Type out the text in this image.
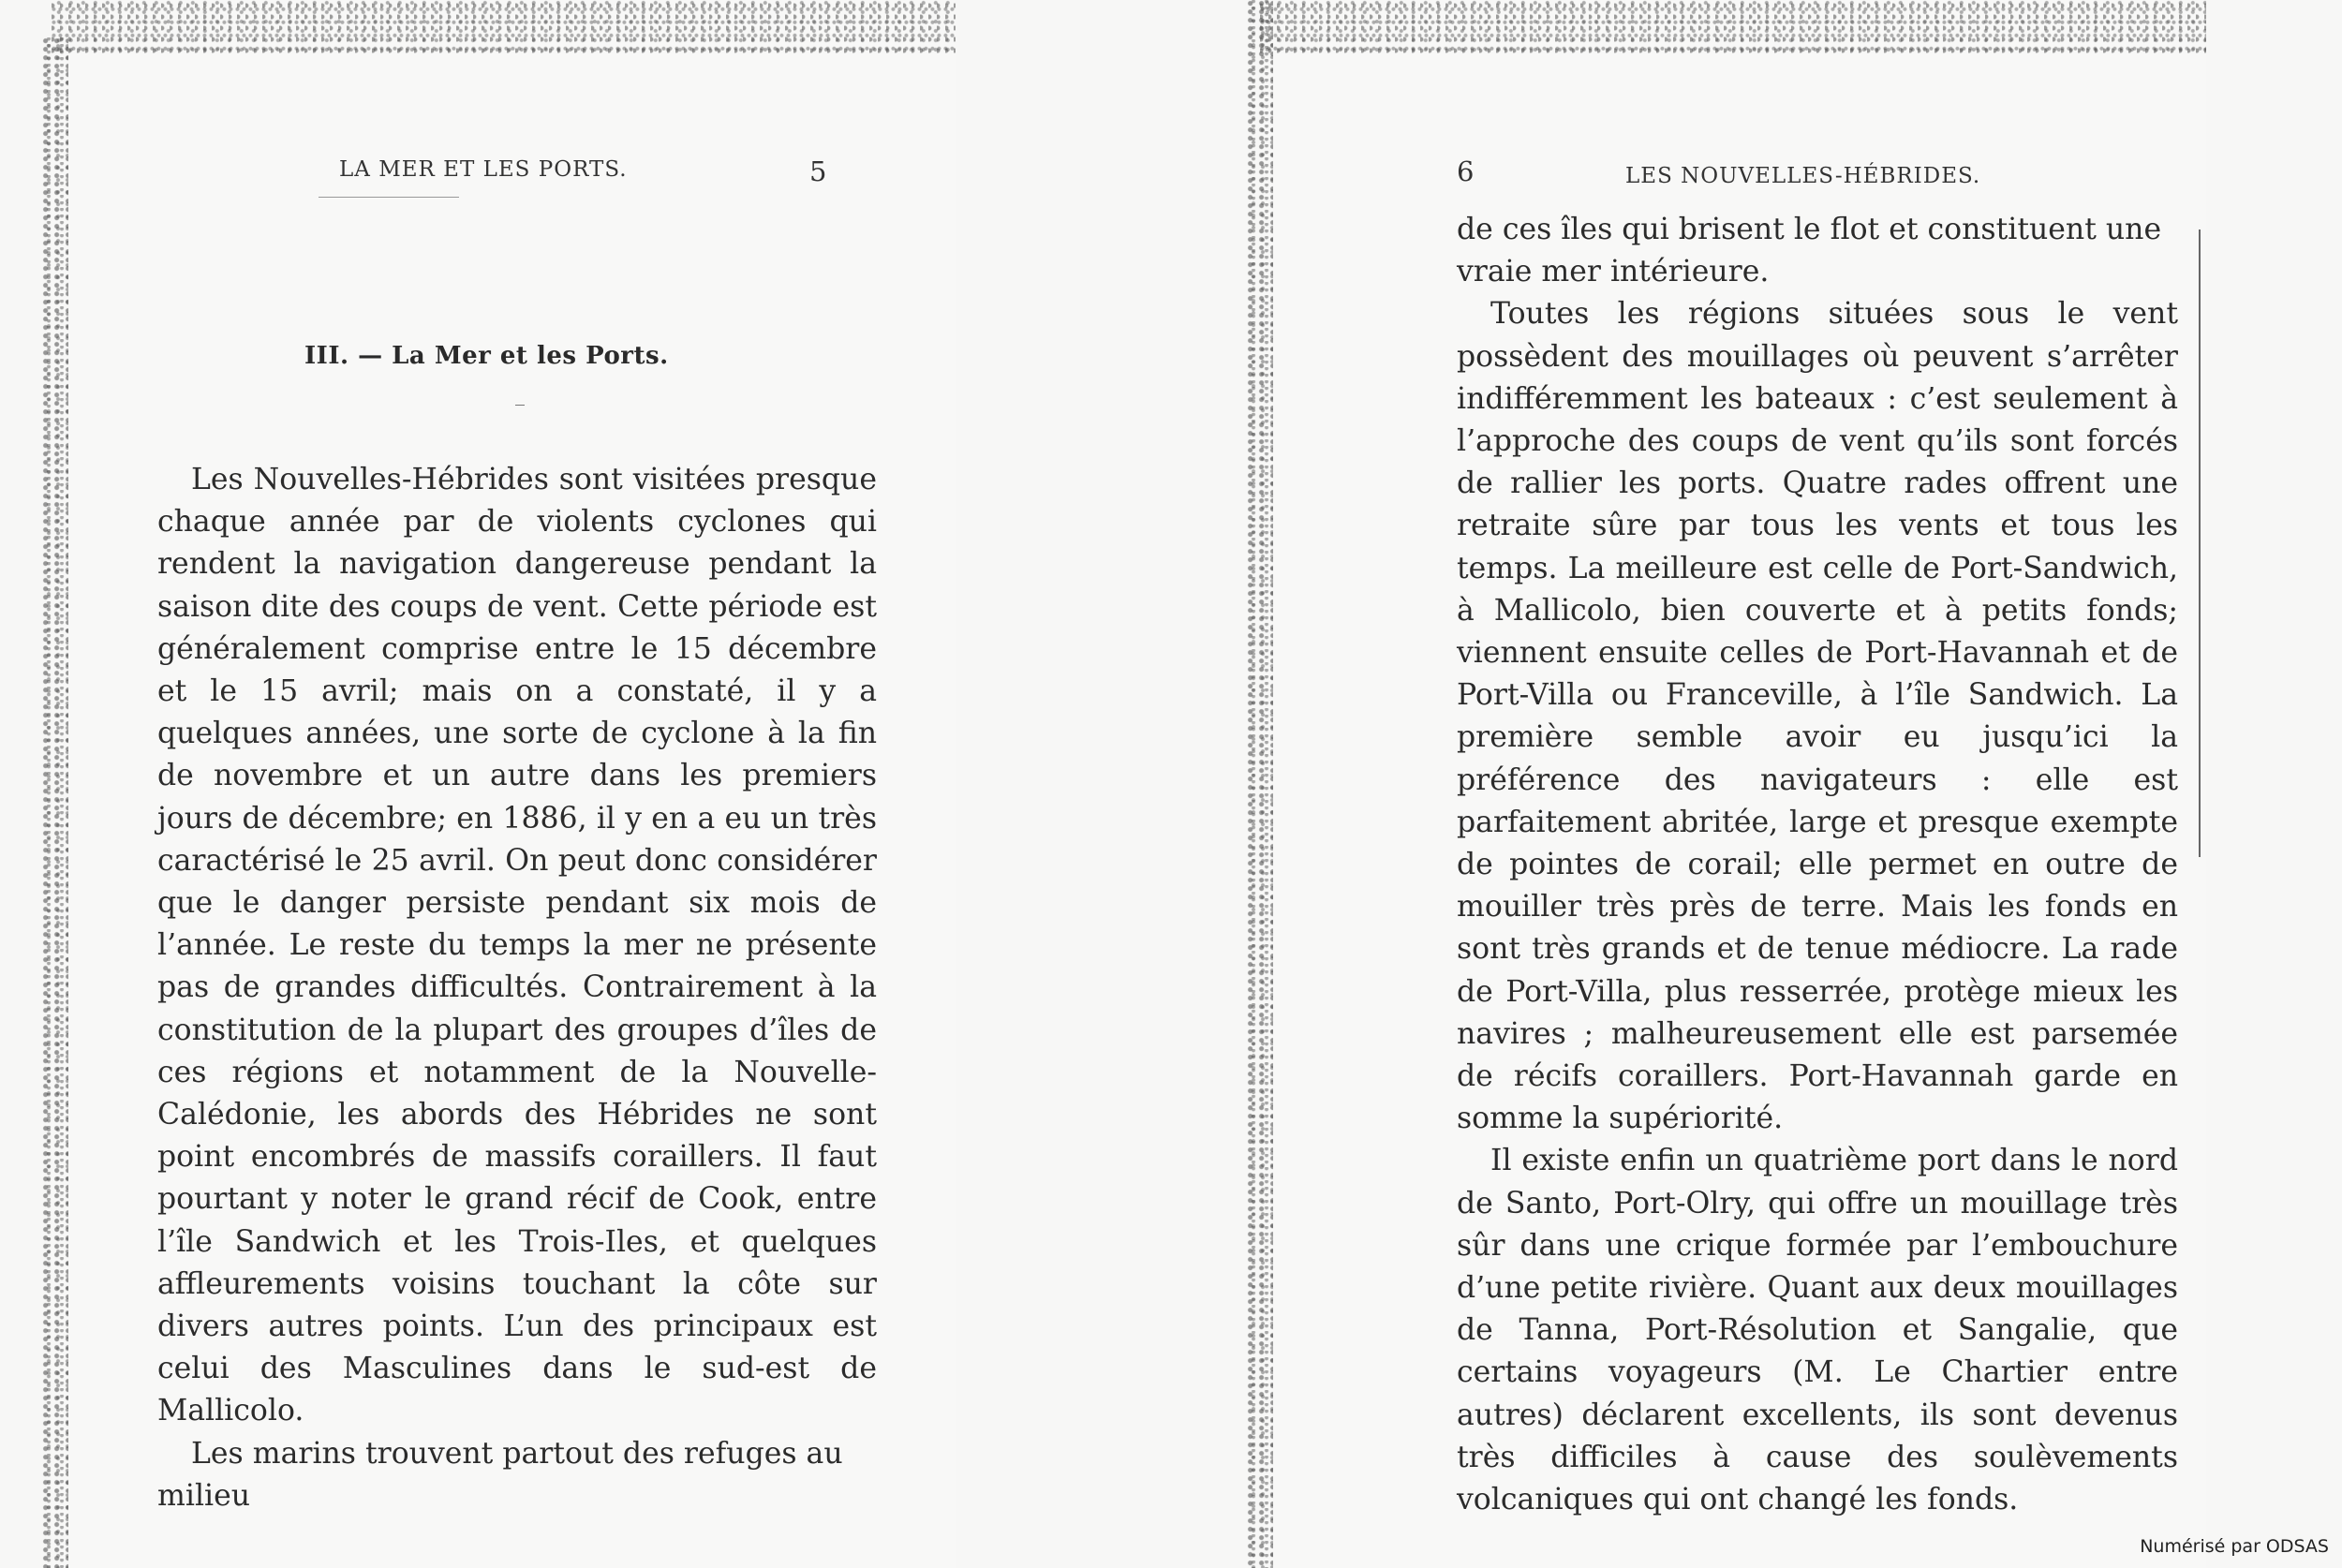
LA MER ET LES PORTS.	5
III. — La Mer et les Ports.

Les Nouvelles-Hébrides sont visitées presque chaque année par de violents cyclones qui rendent la navigation dangereuse pendant la saison dite des coups de vent. Cette période est généralement comprise entre le 15 décembre et le 15 avril; mais on a constaté, il y a quelques années, une sorte de cyclone à la fin de novembre et un autre dans les premiers jours de décembre; en 1886, il y en a eu un très caractérisé le 25 avril. On peut donc considérer que le danger persiste pendant six mois de l’année. Le reste du temps la mer ne présente pas de grandes difficultés. Contrairement à la constitution de la plupart des groupes d’îles de ces régions et notamment de la Nouvelle-Calédonie, les abords des Hébrides ne sont point encombrés de massifs coraillers. Il faut pourtant y noter le grand récif de Cook, entre l’île Sandwich et les Trois-Iles, et quelques affleurements voisins touchant la côte sur divers autres points. L’un des principaux est celui des Masculines dans le sud-est de Mallicolo.

Les marins trouvent partout des refuges au milieu

6	LES NOUVELLES-HÉBRIDES.

de ces îles qui brisent le flot et constituent une vraie mer intérieure.

Toutes les régions situées sous le vent possèdent des mouillages où peuvent s’arrêter indifféremment les bateaux : c’est seulement à l’approche des coups de vent qu’ils sont forcés de rallier les ports. Quatre rades offrent une retraite sûre par tous les vents et tous les temps. La meilleure est celle de Port-Sandwich, à Mallicolo, bien couverte et à petits fonds; viennent ensuite celles de Port-Havannah et de Port-Villa ou Franceville, à l’île Sandwich. La première semble avoir eu jusqu’ici la préférence des navigateurs : elle est parfaitement abritée, large et presque exempte de pointes de corail; elle permet en outre de mouiller très près de terre. Mais les fonds en sont très grands et de tenue médiocre. La rade de Port-Villa, plus resserrée, protège mieux les navires ; malheureusement elle est parsemée de récifs coraillers. Port-Havannah garde en somme la supériorité.

Il existe enfin un quatrième port dans le nord de Santo, Port-Olry, qui offre un mouillage très sûr dans une crique formée par l’embouchure d’une petite rivière. Quant aux deux mouillages de Tanna, Port-Résolution et Sangalie, que certains voyageurs (M. Le Chartier entre autres) déclarent excellents, ils sont devenus très difficiles à cause des soulèvements volcaniques qui ont changé les fonds.

Numérisé par ODSAS
